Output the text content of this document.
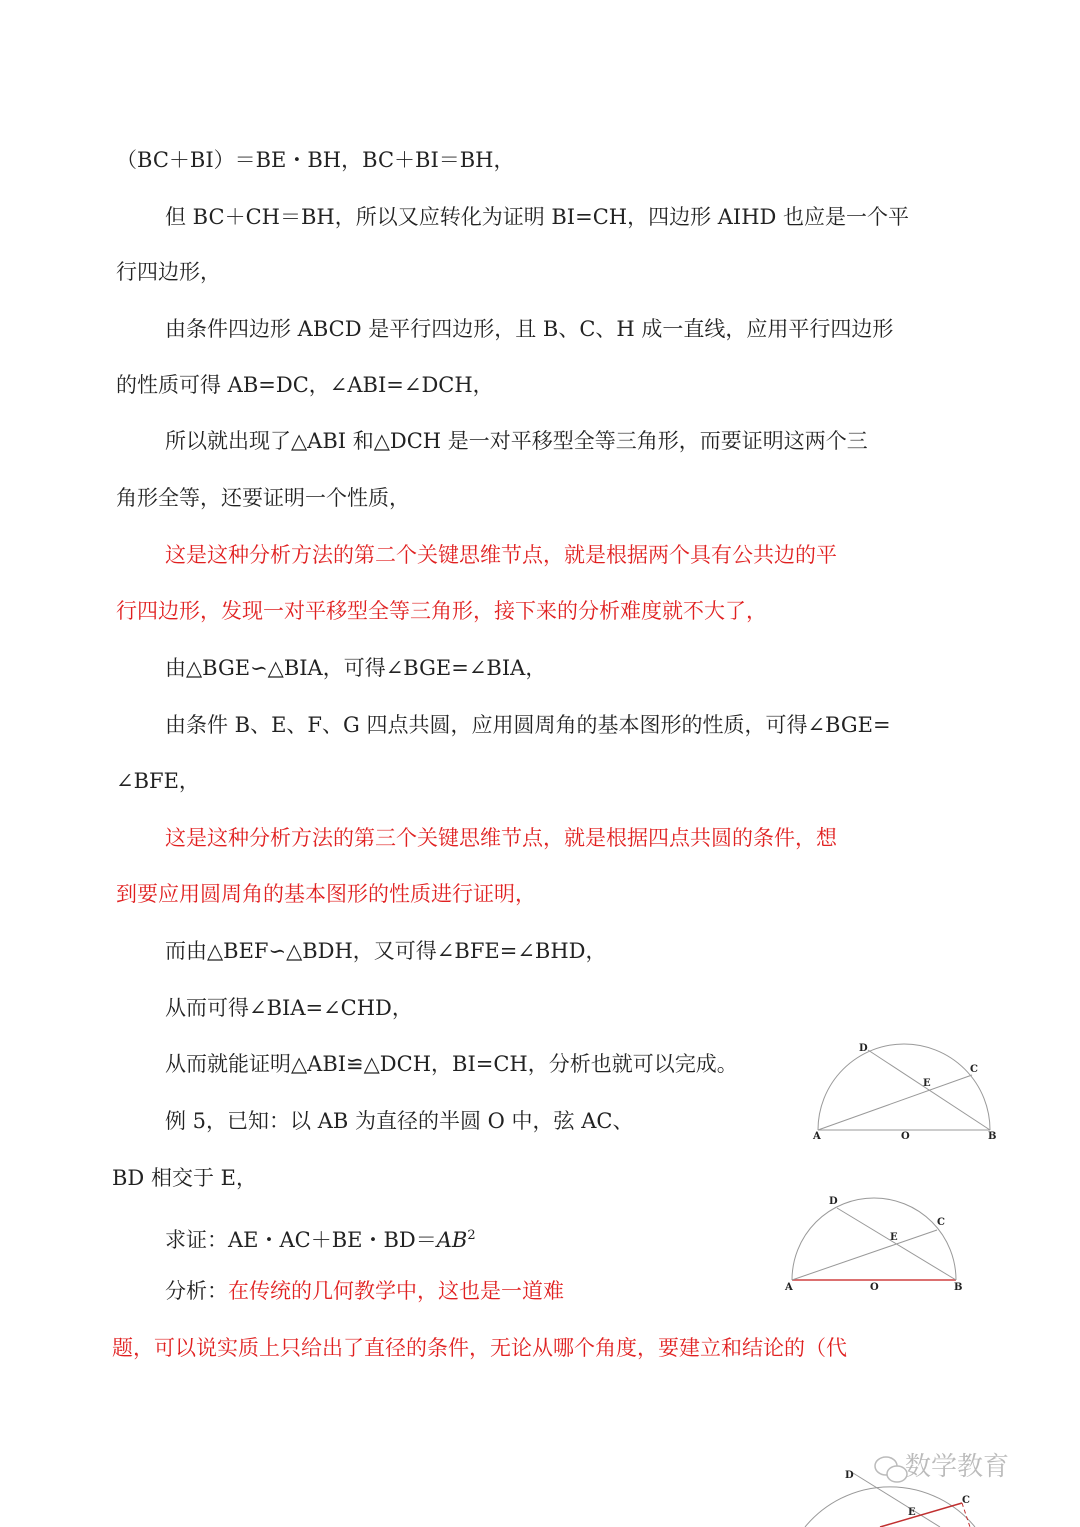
（BC＋BI）＝BE・BH，BC＋BI＝BH，
但 BC＋CH＝BH，所以又应转化为证明 BI=CH，四边形 AIHD 也应是一个平
行四边形，
由条件四边形 ABCD 是平行四边形，且 B、C、H 成一直线，应用平行四边形
的性质可得 AB=DC，∠ABI=∠DCH，
所以就出现了△ABI 和△DCH 是一对平移型全等三角形，而要证明这两个三
角形全等，还要证明一个性质，
这是这种分析方法的第二个关键思维节点，就是根据两个具有公共边的平
行四边形，发现一对平移型全等三角形，接下来的分析难度就不大了，
由△BGE∽△BIA，可得∠BGE=∠BIA，
由条件 B、E、F、G 四点共圆，应用圆周角的基本图形的性质，可得∠BGE=
∠BFE，
这是这种分析方法的第三个关键思维节点，就是根据四点共圆的条件，想
到要应用圆周角的基本图形的性质进行证明，
而由△BEF∽△BDH，又可得∠BFE=∠BHD，
从而可得∠BIA=∠CHD，
从而就能证明△ABI≌△DCH，BI=CH，分析也就可以完成。
例 5，已知：以 AB 为直径的半圆 O 中，弦 AC、
BD 相交于 E，
求证：AE・AC＋BE・$BD=AB^2$
分析：在传统的几何教学中，这也是一道难
题，可以说实质上只给出了直径的条件，无论从哪个角度，要建立和结论的（代
D
C
E
A	O	B
D
C
E
A	O	B
D
C
E
数学教育
